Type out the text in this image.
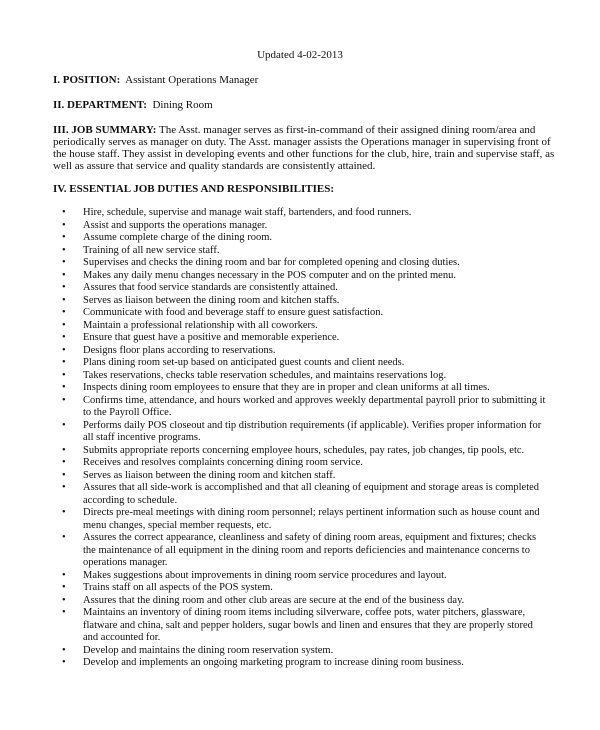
Updated 4-02-2013
I. POSITION: Assistant Operations Manager
II. DEPARTMENT: Dining Room
III. JOB SUMMARY: The Asst. manager serves as first-in-command of their assigned dining room/area and
periodically serves as manager on duty. The Asst. manager assists the Operations manager in supervising front of
the house staff. They assist in developing events and other functions for the club, hire, train and supervise staff, as
well as assure that service and quality standards are consistently attained.
IV. ESSENTIAL JOB DUTIES AND RESPONSIBILITIES:
• Hire, schedule, supervise and manage wait staff, bartenders, and food runners.
• Assist and supports the operations manager.
• Assume complete charge of the dining room.
• Training of all new service staff.
• Supervises and checks the dining room and bar for completed opening and closing duties.
• Makes any daily menu changes necessary in the POS computer and on the printed menu.
• Assures that food service standards are consistently attained.
• Serves as liaison between the dining room and kitchen staffs.
• Communicate with food and beverage staff to ensure guest satisfaction.
• Maintain a professional relationship with all coworkers.
• Ensure that guest have a positive and memorable experience.
• Designs floor plans according to reservations.
• Plans dining room set-up based on anticipated guest counts and client needs.
• Takes reservations, checks table reservation schedules, and maintains reservations log.
• Inspects dining room employees to ensure that they are in proper and clean uniforms at all times.
• Confirms time, attendance, and hours worked and approves weekly departmental payroll prior to submitting it
to the Payroll Office.
• Performs daily POS closeout and tip distribution requirements (if applicable). Verifies proper information for
all staff incentive programs.
• Submits appropriate reports concerning employee hours, schedules, pay rates, job changes, tip pools, etc.
• Receives and resolves complaints concerning dining room service.
• Serves as liaison between the dining room and kitchen staff.
• Assures that all side-work is accomplished and that all cleaning of equipment and storage areas is completed
according to schedule.
• Directs pre-meal meetings with dining room personnel; relays pertinent information such as house count and
menu changes, special member requests, etc.
• Assures the correct appearance, cleanliness and safety of dining room areas, equipment and fixtures; checks
the maintenance of all equipment in the dining room and reports deficiencies and maintenance concerns to
operations manager.
• Makes suggestions about improvements in dining room service procedures and layout.
• Trains staff on all aspects of the POS system.
• Assures that the dining room and other club areas are secure at the end of the business day.
• Maintains an inventory of dining room items including silverware, coffee pots, water pitchers, glassware,
flatware and china, salt and pepper holders, sugar bowls and linen and ensures that they are properly stored
and accounted for.
• Develop and maintains the dining room reservation system.
• Develop and implements an ongoing marketing program to increase dining room business.
